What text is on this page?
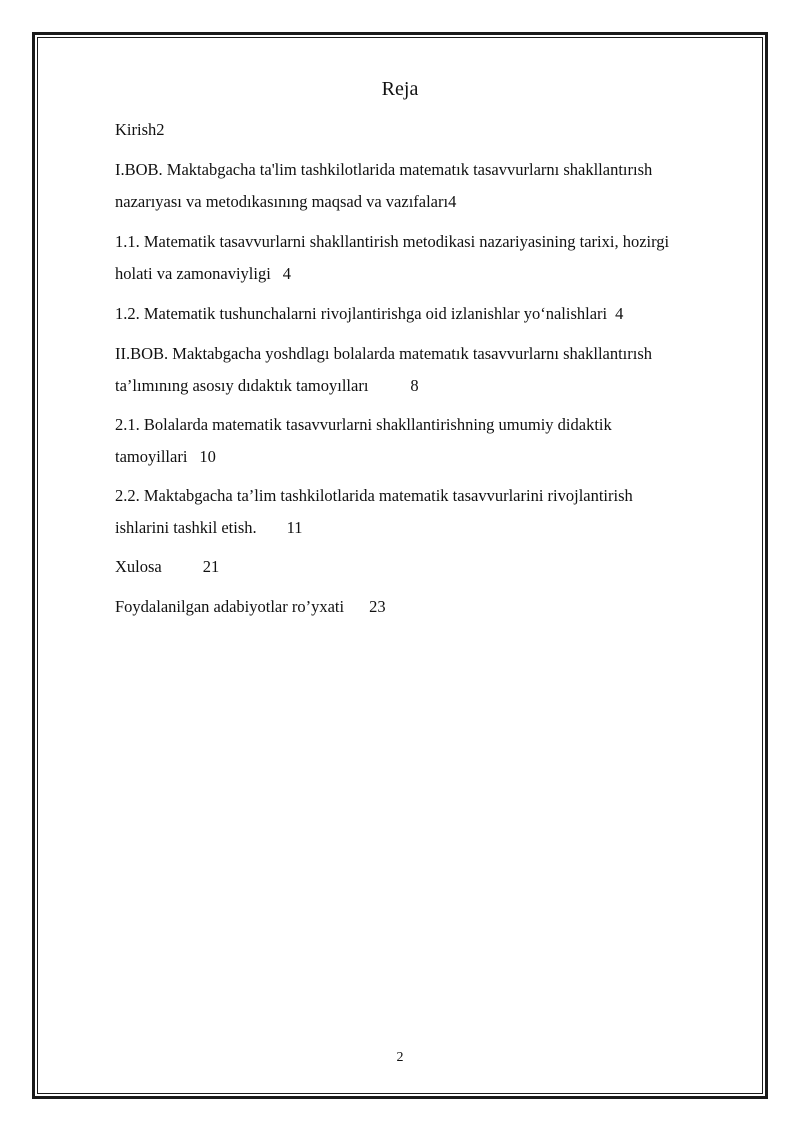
Reja
Kirish2
I.BOB. Maktabgacha ta'lim tashkilotlarida matematık tasavvurlarnı shakllantırısh
nazarıyası va metodıkasınıng maqsad va vazıfaları4
1.1. Matematik tasavvurlarni shakllantirish metodikasi nazariyasining tarixi, hozirgi
holati va zamonaviyligi 4
1.2. Matematik tushunchalarni rivojlantirishga oid izlanishlar yo‘nalishlari 4
II.BOB. Maktabgacha yoshdlagı bolalarda matematık tasavvurlarnı shakllantırısh
ta’lımınıng asosıy dıdaktık tamoyılları	8
2.1. Bolalarda matematik tasavvurlarni shakllantirishning umumiy didaktik
tamoyillari 10
2.2. Maktabgacha ta’lim tashkilotlarida matematik tasavvurlarini rivojlantirish
ishlarini tashkil etish. 11
Xulosa 21
Foydalanilgan adabiyotlar ro’yxati 23
2
